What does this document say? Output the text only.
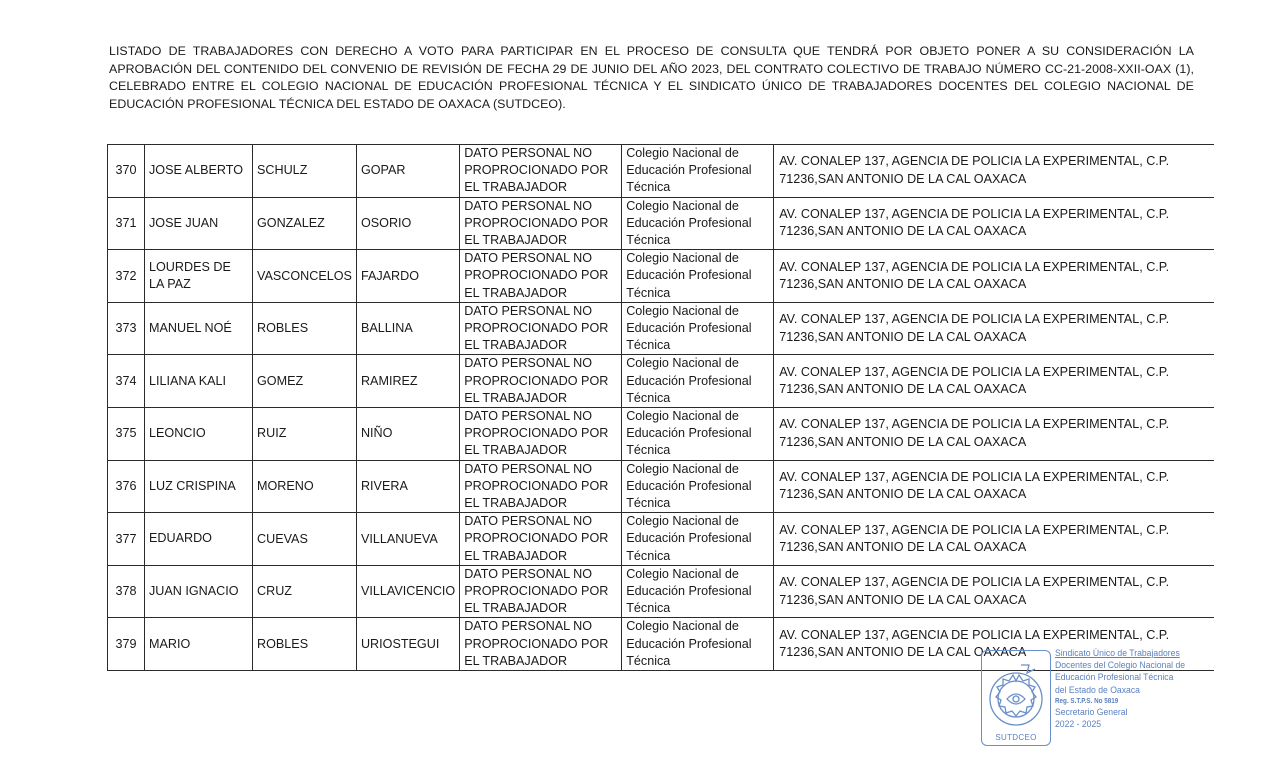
LISTADO DE TRABAJADORES CON DERECHO A VOTO PARA PARTICIPAR EN EL PROCESO DE CONSULTA QUE TENDRÁ POR OBJETO PONER A SU CONSIDERACIÓN LA APROBACIÓN DEL CONTENIDO DEL CONVENIO DE REVISIÓN DE FECHA 29 DE JUNIO DEL AÑO 2023, DEL CONTRATO COLECTIVO DE TRABAJO NÚMERO CC-21-2008-XXII-OAX (1), CELEBRADO ENTRE EL COLEGIO NACIONAL DE EDUCACIÓN PROFESIONAL TÉCNICA Y EL SINDICATO ÚNICO DE TRABAJADORES DOCENTES DEL COLEGIO NACIONAL DE EDUCACIÓN PROFESIONAL TÉCNICA DEL ESTADO DE OAXACA (SUTDCEO).
370	JOSE ALBERTO	SCHULZ	GOPAR	DATO PERSONAL NO PROPROCIONADO POR EL TRABAJADOR	Colegio Nacional de Educación Profesional Técnica	AV. CONALEP 137, AGENCIA DE POLICIA LA EXPERIMENTAL, C.P. 71236,SAN ANTONIO DE LA CAL OAXACA
371	JOSE JUAN	GONZALEZ	OSORIO	DATO PERSONAL NO PROPROCIONADO POR EL TRABAJADOR	Colegio Nacional de Educación Profesional Técnica	AV. CONALEP 137, AGENCIA DE POLICIA LA EXPERIMENTAL, C.P. 71236,SAN ANTONIO DE LA CAL OAXACA
372	LOURDES DE LA PAZ	VASCONCELOS	FAJARDO	DATO PERSONAL NO PROPROCIONADO POR EL TRABAJADOR	Colegio Nacional de Educación Profesional Técnica	AV. CONALEP 137, AGENCIA DE POLICIA LA EXPERIMENTAL, C.P. 71236,SAN ANTONIO DE LA CAL OAXACA
373	MANUEL NOÉ	ROBLES	BALLINA	DATO PERSONAL NO PROPROCIONADO POR EL TRABAJADOR	Colegio Nacional de Educación Profesional Técnica	AV. CONALEP 137, AGENCIA DE POLICIA LA EXPERIMENTAL, C.P. 71236,SAN ANTONIO DE LA CAL OAXACA
374	LILIANA KALI	GOMEZ	RAMIREZ	DATO PERSONAL NO PROPROCIONADO POR EL TRABAJADOR	Colegio Nacional de Educación Profesional Técnica	AV. CONALEP 137, AGENCIA DE POLICIA LA EXPERIMENTAL, C.P. 71236,SAN ANTONIO DE LA CAL OAXACA
375	LEONCIO	RUIZ	NIÑO	DATO PERSONAL NO PROPROCIONADO POR EL TRABAJADOR	Colegio Nacional de Educación Profesional Técnica	AV. CONALEP 137, AGENCIA DE POLICIA LA EXPERIMENTAL, C.P. 71236,SAN ANTONIO DE LA CAL OAXACA
376	LUZ CRISPINA	MORENO	RIVERA	DATO PERSONAL NO PROPROCIONADO POR EL TRABAJADOR	Colegio Nacional de Educación Profesional Técnica	AV. CONALEP 137, AGENCIA DE POLICIA LA EXPERIMENTAL, C.P. 71236,SAN ANTONIO DE LA CAL OAXACA
377	EDUARDO	CUEVAS	VILLANUEVA	DATO PERSONAL NO PROPROCIONADO POR EL TRABAJADOR	Colegio Nacional de Educación Profesional Técnica	AV. CONALEP 137, AGENCIA DE POLICIA LA EXPERIMENTAL, C.P. 71236,SAN ANTONIO DE LA CAL OAXACA
378	JUAN IGNACIO	CRUZ	VILLAVICENCIO	DATO PERSONAL NO PROPROCIONADO POR EL TRABAJADOR	Colegio Nacional de Educación Profesional Técnica	AV. CONALEP 137, AGENCIA DE POLICIA LA EXPERIMENTAL, C.P. 71236,SAN ANTONIO DE LA CAL OAXACA
379	MARIO	ROBLES	URIOSTEGUI	DATO PERSONAL NO PROPROCIONADO POR EL TRABAJADOR	Colegio Nacional de Educación Profesional Técnica	AV. CONALEP 137, AGENCIA DE POLICIA LA EXPERIMENTAL, C.P. 71236,SAN ANTONIO DE LA CAL OAXACA
SUTDCEO
Sindicato Único de Trabajadores
Docentes del Colegio Nacional de
Educación Profesional Técnica
del Estado de Oaxaca
Reg. S.T.P.S. No 5819
Secretario General
2022 - 2025
